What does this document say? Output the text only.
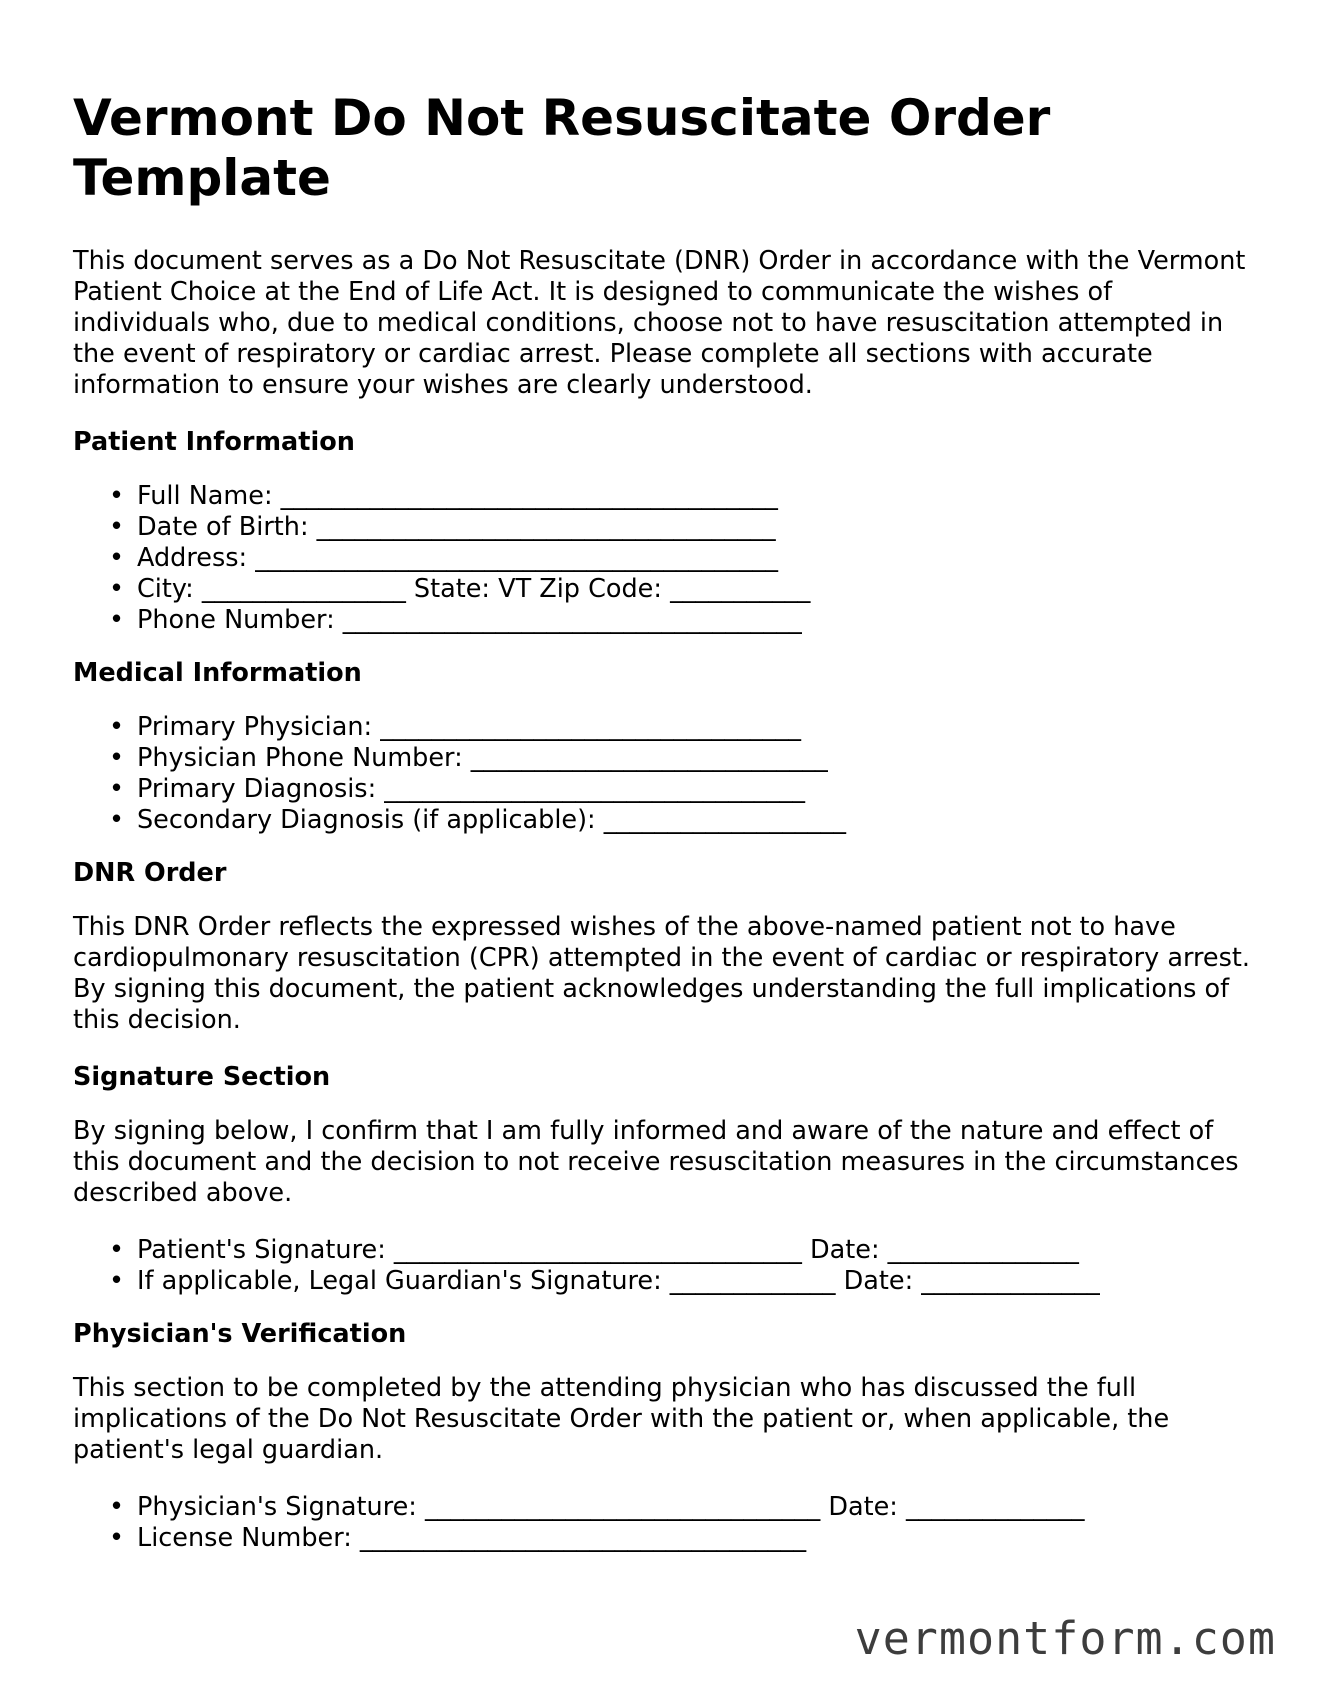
Vermont Do Not Resuscitate Order Template

This document serves as a Do Not Resuscitate (DNR) Order in accordance with the Vermont Patient Choice at the End of Life Act. It is designed to communicate the wishes of individuals who, due to medical conditions, choose not to have resuscitation attempted in the event of respiratory or cardiac arrest. Please complete all sections with accurate information to ensure your wishes are clearly understood.

Patient Information
• Full Name: _______________________________________
• Date of Birth: ____________________________________
• Address: _________________________________________
• City: ________________ State: VT Zip Code: ___________
• Phone Number: ____________________________________
Medical Information
• Primary Physician: _________________________________
• Physician Phone Number: ____________________________
• Primary Diagnosis: _________________________________
• Secondary Diagnosis (if applicable): ___________________
DNR Order

This DNR Order reflects the expressed wishes of the above-named patient not to have cardiopulmonary resuscitation (CPR) attempted in the event of cardiac or respiratory arrest. By signing this document, the patient acknowledges understanding the full implications of this decision.

Signature Section

By signing below, I confirm that I am fully informed and aware of the nature and effect of this document and the decision to not receive resuscitation measures in the circumstances described above.

• Patient's Signature: ________________________________ Date: _______________
• If applicable, Legal Guardian's Signature: _____________ Date: ______________
Physician's Verification

This section to be completed by the attending physician who has discussed the full implications of the Do Not Resuscitate Order with the patient or, when applicable, the patient's legal guardian.

• Physician's Signature: _______________________________ Date: ______________
• License Number: ___________________________________
vermontform.com
